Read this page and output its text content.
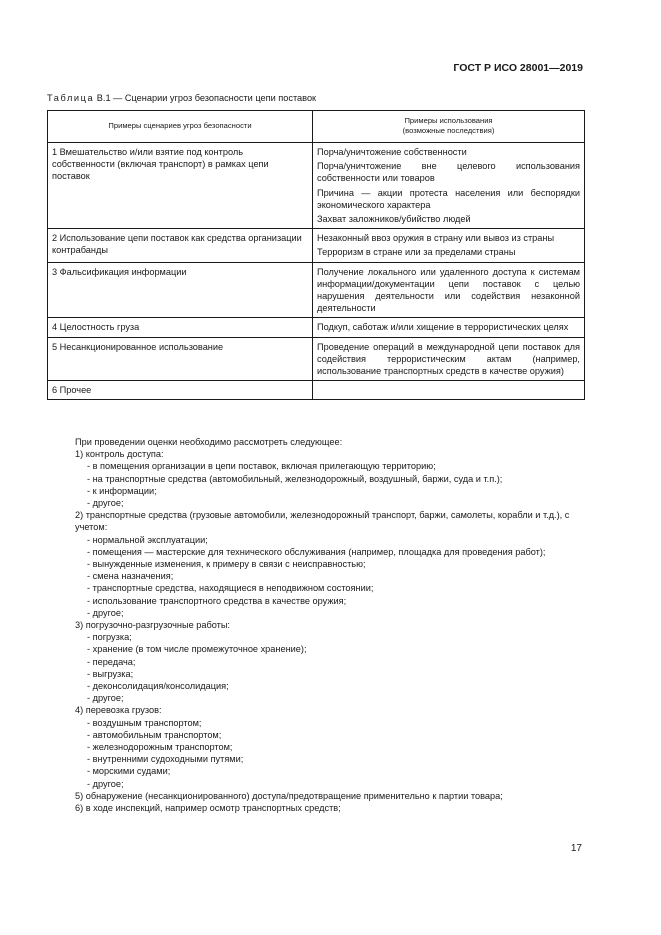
ГОСТ Р ИСО 28001—2019
Таблица В.1 — Сценарии угроз безопасности цепи поставок
Примеры сценариев угроз безопасности	Примеры использования
(возможные последствия)

1 Вмешательство и/или взятие под контроль собственности (включая транспорт) в рамках цепи поставок	Порча/уничтожение собственности
Порча/уничтожение вне целевого использования собственности или товаров
Причина — акции протеста населения или беспорядки экономического характера
Захват заложников/убийство людей

2 Использование цепи поставок как средства организации контрабанды	Незаконный ввоз оружия в страну или вывоз из страны
Терроризм в стране или за пределами страны

3 Фальсификация информации	Получение локального или удаленного доступа к системам информации/документации цепи поставок с целью нарушения деятельности или содействия незаконной деятельности

4 Целостность груза	Подкуп, саботаж и/или хищение в террористических целях

5 Несанкционированное использование	Проведение операций в международной цепи поставок для содействия террористическим актам (например, использование транспортных средств в качестве оружия)

6 Прочее	
При проведении оценки необходимо рассмотреть следующее:
1) контроль доступа:
- в помещения организации в цепи поставок, включая прилегающую территорию;
- на транспортные средства (автомобильный, железнодорожный, воздушный, баржи, суда и т.п.);
- к информации;
- другое;
2) транспортные средства (грузовые автомобили, железнодорожный транспорт, баржи, самолеты, корабли и т.д.), с учетом:
- нормальной эксплуатации;
- помещения — мастерские для технического обслуживания (например, площадка для проведения работ);
- вынужденные изменения, к примеру в связи с неисправностью;
- смена назначения;
- транспортные средства, находящиеся в неподвижном состоянии;
- использование транспортного средства в качестве оружия;
- другое;
3) погрузочно-разгрузочные работы:
- погрузка;
- хранение (в том числе промежуточное хранение);
- передача;
- выгрузка;
- деконсолидация/консолидация;
- другое;
4) перевозка грузов:
- воздушным транспортом;
- автомобильным транспортом;
- железнодорожным транспортом;
- внутренними судоходными путями;
- морскими судами;
- другое;
5) обнаружение (несанкционированного) доступа/предотвращение применительно к партии товара;
6) в ходе инспекций, например осмотр транспортных средств;
17
